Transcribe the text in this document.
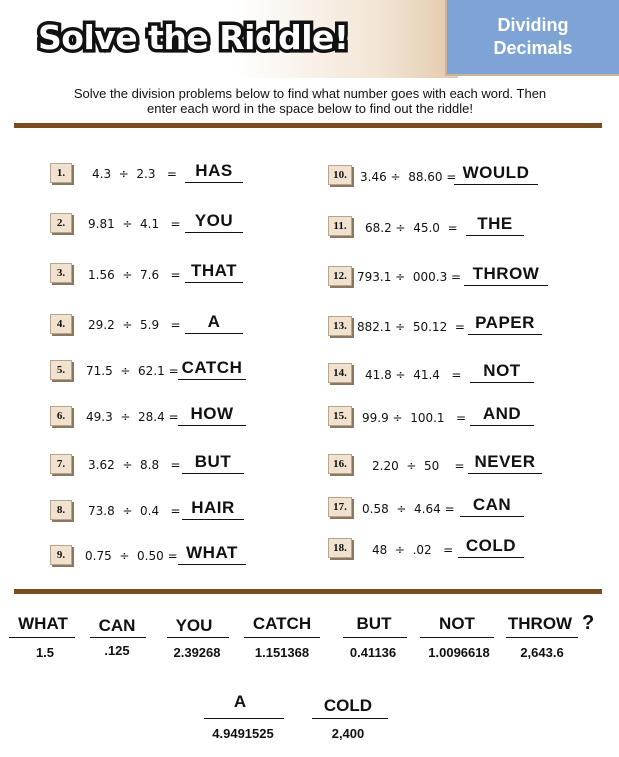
Solve the Riddle!	Dividing
Decimals
Solve the division problems below to find what number goes with each word. Then
enter each word in the space below to find out the riddle!
1.	4.3  ÷  2.3   =	HAS
2.	9.81  ÷  4.1   = YOU
3.	1.56  ÷  7.6   = THAT
4.	29.2  ÷  5.9   =	A
5.	71.5  ÷  62.1 = CATCH
6.	49.3  ÷  28.4 = HOW
7.	3.62  ÷  8.8   = BUT
8.	73.8  ÷  0.4   = HAIR
9.	0.75  ÷  0.50 = WHAT
10.	3.46 ÷  88.60 = WOULD
11.	68.2 ÷  45.0  =	THE
12. 793.1 ÷  000.3 = THROW
13. 882.1 ÷  50.12  = PAPER
14.	41.8 ÷  41.4   =	NOT
15.	99.9 ÷  100.1   = AND
16.	2.20  ÷  50    = NEVER
17.	0.58  ÷  4.64 =	CAN
18.	48  ÷  .02   = COLD
WHAT
1.5
CAN
.125
YOU
2.39268
CATCH
1.151368
BUT
0.41136
NOT
1.0096618
THROW
2,643.6
?
A
4.9491525
COLD
2,400
